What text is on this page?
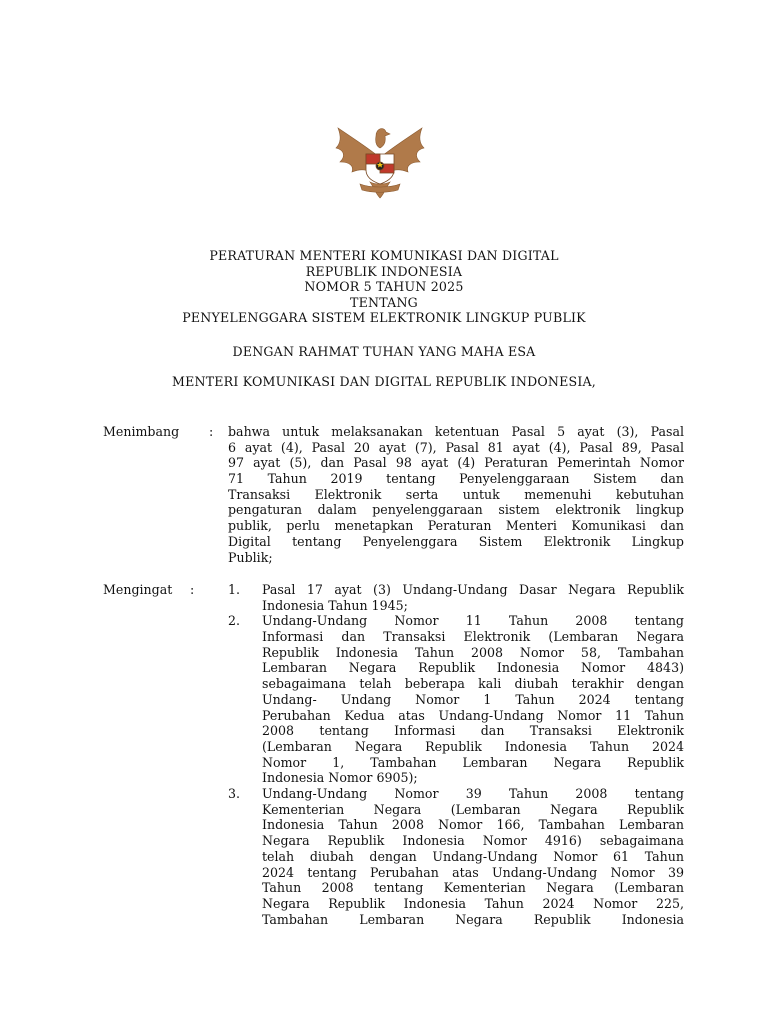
PERATURAN MENTERI KOMUNIKASI DAN DIGITAL
REPUBLIK INDONESIA
NOMOR 5 TAHUN 2025
TENTANG
PENYELENGGARA SISTEM ELEKTRONIK LINGKUP PUBLIK
DENGAN RAHMAT TUHAN YANG MAHA ESA
MENTERI KOMUNIKASI DAN DIGITAL REPUBLIK INDONESIA,
Menimbang : bahwa untuk melaksanakan ketentuan Pasal 5 ayat (3), Pasal
6 ayat (4), Pasal 20 ayat (7), Pasal 81 ayat (4), Pasal 89, Pasal
97 ayat (5), dan Pasal 98 ayat (4) Peraturan Pemerintah Nomor
71 Tahun 2019 tentang Penyelenggaraan Sistem dan
Transaksi Elektronik serta untuk memenuhi kebutuhan
pengaturan dalam penyelenggaraan sistem elektronik lingkup
publik, perlu menetapkan Peraturan Menteri Komunikasi dan
Digital tentang Penyelenggara Sistem Elektronik Lingkup
Publik;
Mengingat :	1. Pasal 17 ayat (3) Undang-Undang Dasar Negara Republik
Indonesia Tahun 1945;
2. Undang-Undang Nomor 11 Tahun 2008 tentang
Informasi dan Transaksi Elektronik (Lembaran Negara
Republik Indonesia Tahun 2008 Nomor 58, Tambahan
Lembaran Negara Republik Indonesia Nomor 4843)
sebagaimana telah beberapa kali diubah terakhir dengan
Undang- Undang Nomor 1 Tahun 2024 tentang
Perubahan Kedua atas Undang-Undang Nomor 11 Tahun
2008 tentang Informasi dan Transaksi Elektronik
(Lembaran Negara Republik Indonesia Tahun 2024
Nomor 1, Tambahan Lembaran Negara Republik
Indonesia Nomor 6905);
3. Undang-Undang Nomor 39 Tahun 2008 tentang
Kementerian Negara (Lembaran Negara Republik
Indonesia Tahun 2008 Nomor 166, Tambahan Lembaran
Negara Republik Indonesia Nomor 4916) sebagaimana
telah diubah dengan Undang-Undang Nomor 61 Tahun
2024 tentang Perubahan atas Undang-Undang Nomor 39
Tahun 2008 tentang Kementerian Negara (Lembaran
Negara Republik Indonesia Tahun 2024 Nomor 225,
Tambahan Lembaran Negara Republik Indonesia
